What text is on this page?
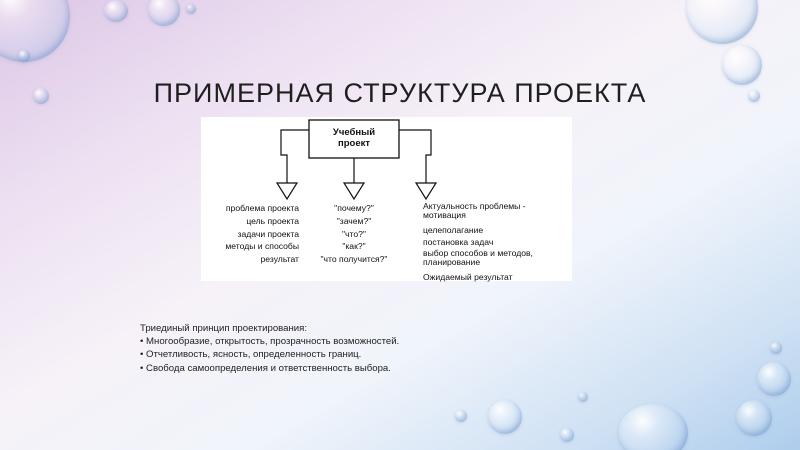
ПРИМЕРНАЯ СТРУКТУРА ПРОЕКТА
Учебный проект
проблема проекта
цель проекта
задачи проекта
методы и способы
результат
"почему?"
"зачем?"
"что?"
"как?"
"что получится?"
Актуальность проблемы - мотивация
целеполагание
постановка задач
выбор способов и методов, планирование
Ожидаемый результат
Триединый принцип проектирования:
• Многообразие, открытость, прозрачность возможностей.
• Отчетливость, ясность, определенность границ.
• Свобода самоопределения и ответственность выбора.
